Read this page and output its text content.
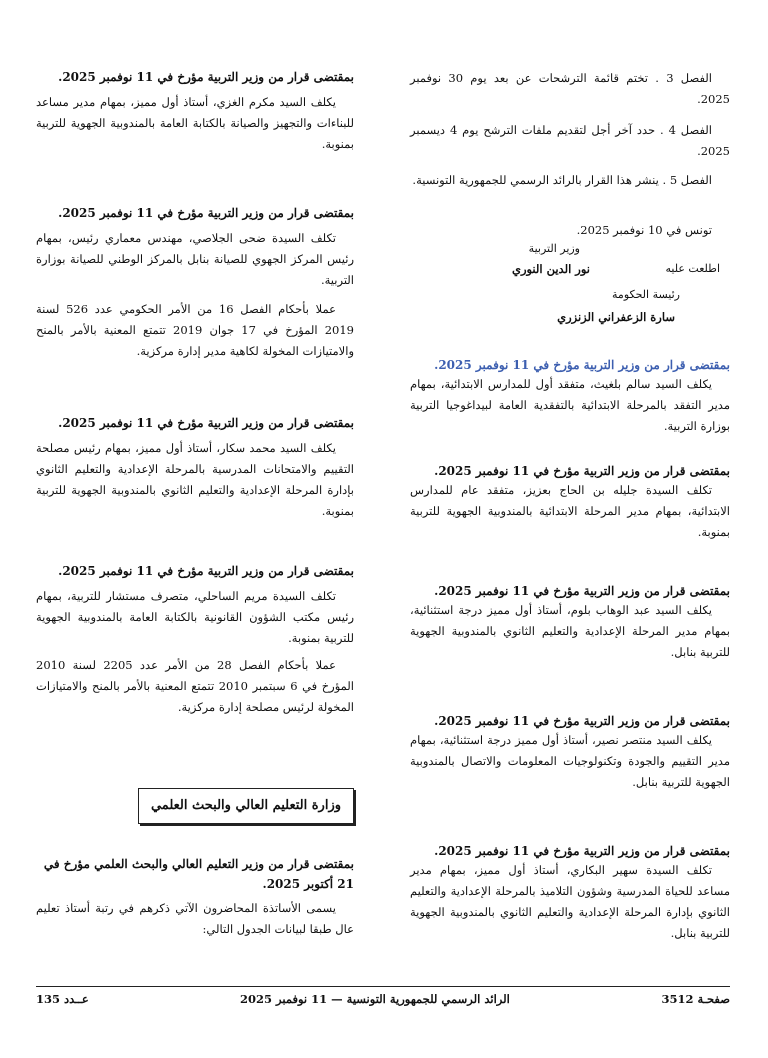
الفصل 3 . تختم قائمة الترشحات عن بعد يوم 30 نوفمبر 2025.

الفصل 4 . حدد آخر أجل لتقديم ملفات الترشح يوم 4 ديسمبر 2025.

الفصل 5 . ينشر هذا القرار بالرائد الرسمي للجمهورية التونسية.

تونس في 10 نوفمبر 2025.

وزير التربية
نور الدين النوري	اطلعت عليه
رئيسة الحكومة
سارة الزعفراني الزنزري

بمقتضى قرار من وزير التربية مؤرخ في 11 نوفمبر 2025.

يكلف السيد سالم بلغيث، متفقد أول للمدارس الابتدائية، بمهام مدير التفقد بالمرحلة الابتدائية بالتفقدية العامة لبيداغوجيا التربية بوزارة التربية.

بمقتضى قرار من وزير التربية مؤرخ في 11 نوفمبر 2025.

تكلف السيدة جليله بن الحاج بعزيز، متفقد عام للمدارس الابتدائية، بمهام مدير المرحلة الابتدائية بالمندوبية الجهوية للتربية بمنوبة.

بمقتضى قرار من وزير التربية مؤرخ في 11 نوفمبر 2025.

يكلف السيد عبد الوهاب بلوم، أستاذ أول مميز درجة استثنائية، بمهام مدير المرحلة الإعدادية والتعليم الثانوي بالمندوبية الجهوية للتربية بنابل.

بمقتضى قرار من وزير التربية مؤرخ في 11 نوفمبر 2025.

يكلف السيد منتصر نصير، أستاذ أول مميز درجة استثنائية، بمهام مدير التقييم والجودة وتكنولوجيات المعلومات والاتصال بالمندوبية الجهوية للتربية بنابل.

بمقتضى قرار من وزير التربية مؤرخ في 11 نوفمبر 2025.

تكلف السيدة سهير البكاري، أستاذ أول مميز، بمهام مدير مساعد للحياة المدرسية وشؤون التلاميذ بالمرحلة الإعدادية والتعليم الثانوي بإدارة المرحلة الإعدادية والتعليم الثانوي بالمندوبية الجهوية للتربية بنابل.

بمقتضى قرار من وزير التربية مؤرخ في 11 نوفمبر 2025.

يكلف السيد مكرم الغزي، أستاذ أول مميز، بمهام مدير مساعد للبناءات والتجهيز والصيانة بالكتابة العامة بالمندوبية الجهوية للتربية بمنوبة.

بمقتضى قرار من وزير التربية مؤرخ في 11 نوفمبر 2025.

تكلف السيدة ضحى الجلاصي، مهندس معماري رئيس، بمهام رئيس المركز الجهوي للصيانة بنابل بالمركز الوطني للصيانة بوزارة التربية.

عملا بأحكام الفصل 16 من الأمر الحكومي عدد 526 لسنة 2019 المؤرخ في 17 جوان 2019 تتمتع المعنية بالأمر بالمنح والامتيازات المخولة لكاهية مدير إدارة مركزية.

بمقتضى قرار من وزير التربية مؤرخ في 11 نوفمبر 2025.

يكلف السيد محمد سكار، أستاذ أول مميز، بمهام رئيس مصلحة التقييم والامتحانات المدرسية بالمرحلة الإعدادية والتعليم الثانوي بإدارة المرحلة الإعدادية والتعليم الثانوي بالمندوبية الجهوية للتربية بمنوبة.

بمقتضى قرار من وزير التربية مؤرخ في 11 نوفمبر 2025.

تكلف السيدة مريم الساحلي، متصرف مستشار للتربية، بمهام رئيس مكتب الشؤون القانونية بالكتابة العامة بالمندوبية الجهوية للتربية بمنوبة.

عملا بأحكام الفصل 28 من الأمر عدد 2205 لسنة 2010 المؤرخ في 6 سبتمبر 2010 تتمتع المعنية بالأمر بالمنح والامتيازات المخولة لرئيس مصلحة إدارة مركزية.

وزارة التعليم العالي والبحث العلمي

بمقتضى قرار من وزير التعليم العالي والبحث العلمي مؤرخ في 21 أكتوبر 2025.

يسمى الأساتذة المحاضرون الآتي ذكرهم في رتبة أستاذ تعليم عال طبقا لبيانات الجدول التالي:

صفحـة 3512
الرائد الرسمي للجمهورية التونسية — 11 نوفمبر 2025
عــدد 135
